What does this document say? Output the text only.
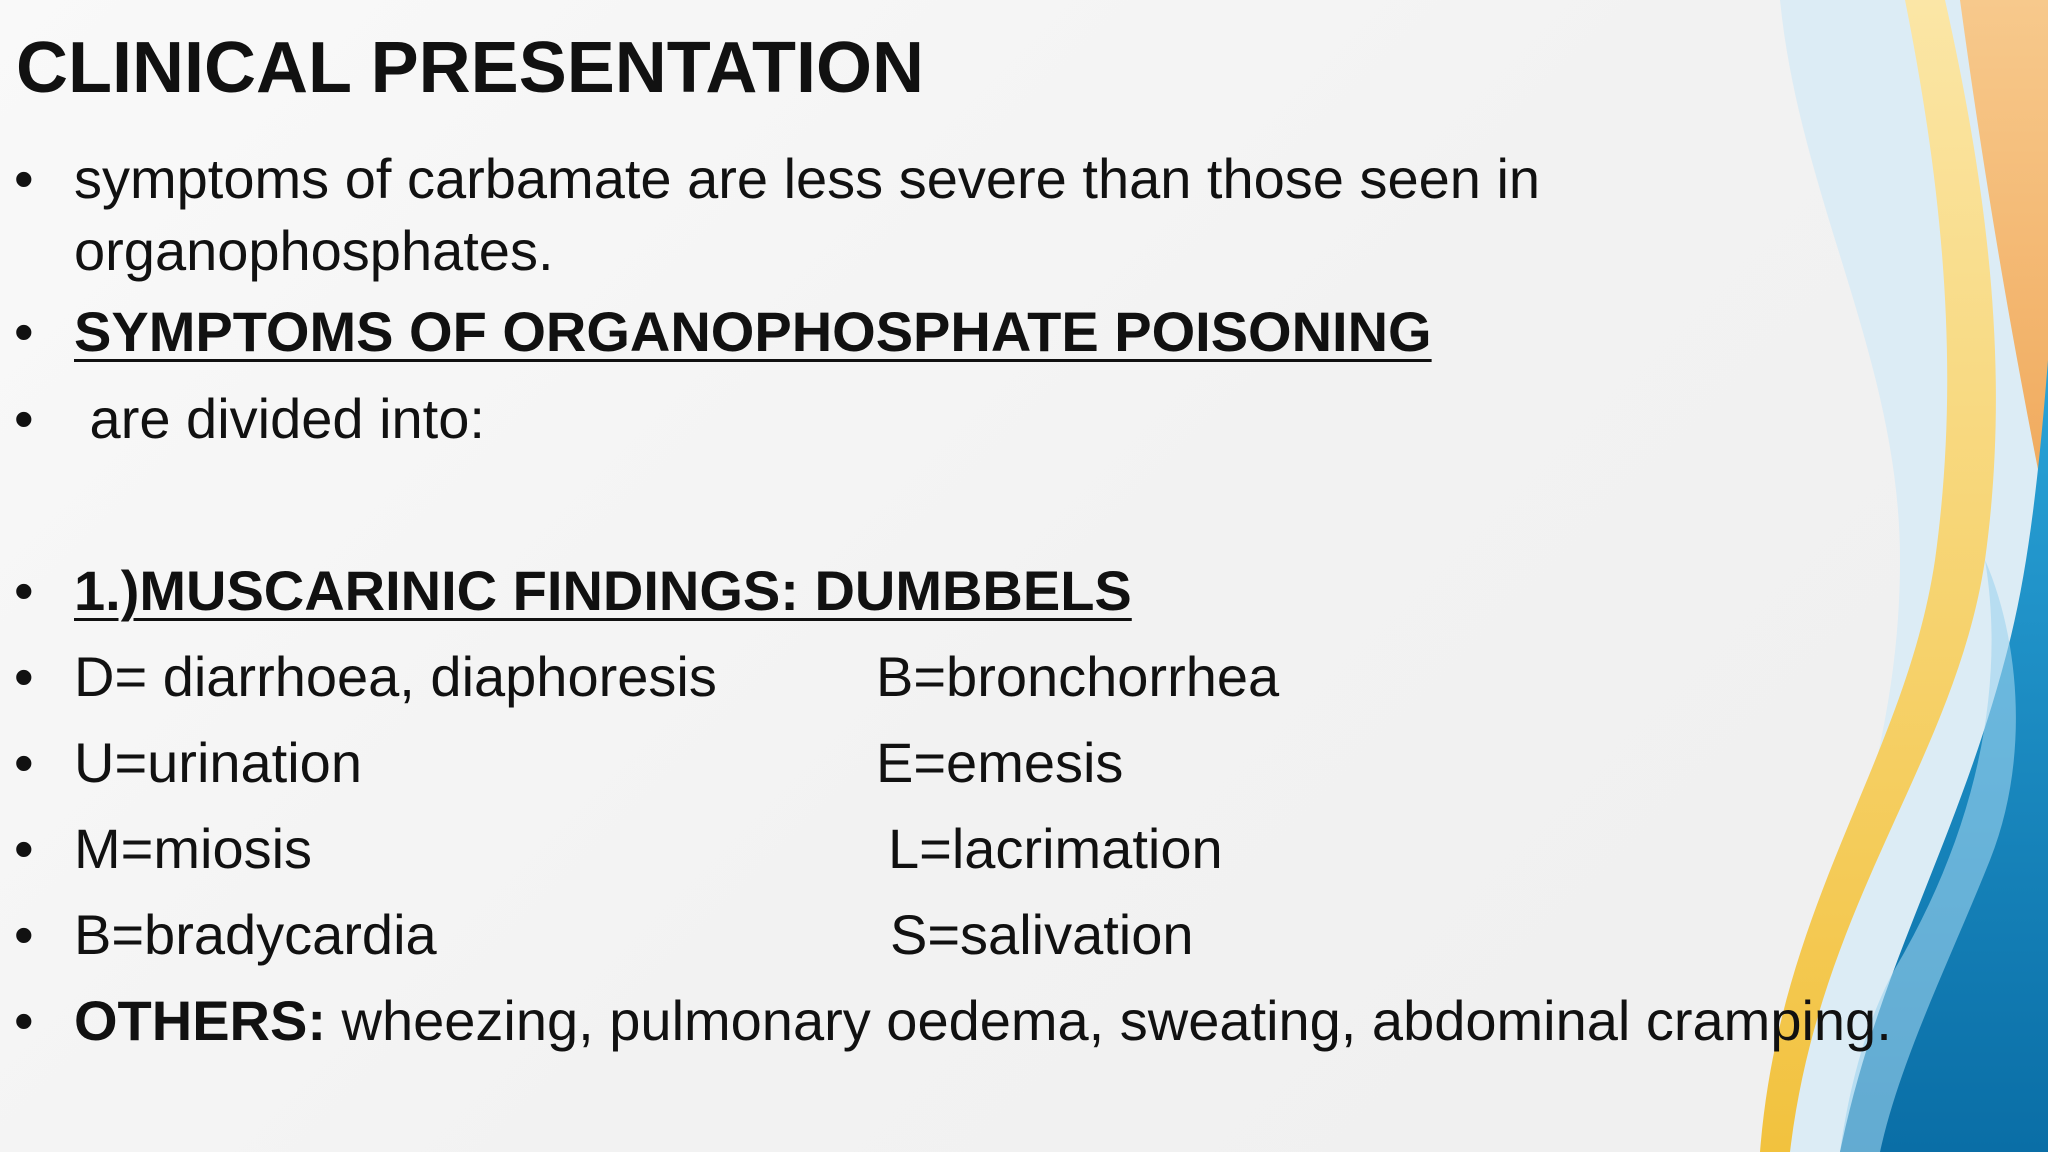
CLINICAL PRESENTATION
• symptoms of carbamate are less severe than those seen in
organophosphates.
• SYMPTOMS OF ORGANOPHOSPHATE POISONING
• are divided into:
• 1.)MUSCARINIC FINDINGS: DUMBBELS
• D= diarrhoea, diaphoresis	B=bronchorrhea
• U=urination	E=emesis
• M=miosis	L=lacrimation
• B=bradycardia	S=salivation
• OTHERS: wheezing, pulmonary oedema, sweating, abdominal cramping.
